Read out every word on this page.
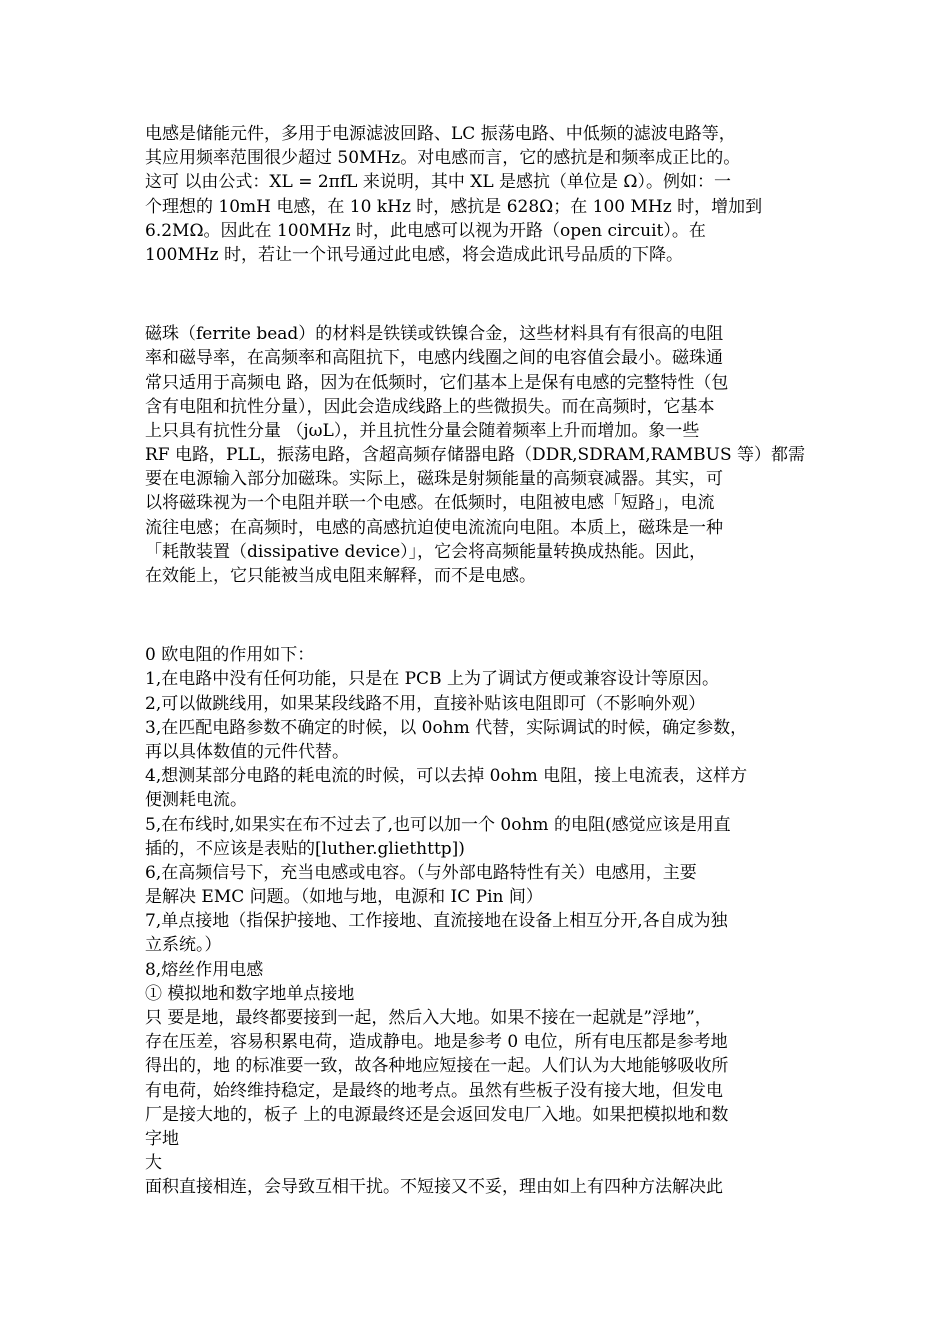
电感是储能元件，多用于电源滤波回路、LC 振荡电路、中低频的滤波电路等，
其应用频率范围很少超过 50MHz。对电感而言，它的感抗是和频率成正比的。
这可 以由公式：XL = 2πfL 来说明，其中 XL 是感抗（单位是 Ω）。例如：一
个理想的 10mH 电感，在 10 kHz 时，感抗是 628Ω；在 100 MHz 时，增加到
6.2MΩ。因此在 100MHz 时，此电感可以视为开路（open circuit）。在
100MHz 时，若让一个讯号通过此电感，将会造成此讯号品质的下降。
磁珠（ferrite bead）的材料是铁镁或铁镍合金，这些材料具有有很高的电阻
率和磁导率，在高频率和高阻抗下，电感内线圈之间的电容值会最小。磁珠通
常只适用于高频电 路，因为在低频时，它们基本上是保有电感的完整特性（包
含有电阻和抗性分量），因此会造成线路上的些微损失。而在高频时，它基本
上只具有抗性分量 （jωL），并且抗性分量会随着频率上升而增加。象一些
RF 电路，PLL，振荡电路，含超高频存储器电路（DDR,SDRAM,RAMBUS 等）都需
要在电源输入部分加磁珠。实际上，磁珠是射频能量的高频衰减器。其实，可
以将磁珠视为一个电阻并联一个电感。在低频时，电阻被电感「短路」，电流
流往电感；在高频时，电感的高感抗迫使电流流向电阻。本质上，磁珠是一种
「耗散装置（dissipative device）」，它会将高频能量转换成热能。因此，
在效能上，它只能被当成电阻来解释，而不是电感。
0 欧电阻的作用如下：
1,在电路中没有任何功能，只是在 PCB 上为了调试方便或兼容设计等原因。
2,可以做跳线用，如果某段线路不用，直接补贴该电阻即可（不影响外观）
3,在匹配电路参数不确定的时候，以 0ohm 代替，实际调试的时候，确定参数，
再以具体数值的元件代替。
4,想测某部分电路的耗电流的时候，可以去掉 0ohm 电阻，接上电流表，这样方
便测耗电流。
5,在布线时,如果实在布不过去了,也可以加一个 0ohm 的电阻(感觉应该是用直
插的，不应该是表贴的[luther.gliethttp])
6,在高频信号下，充当电感或电容。（与外部电路特性有关）电感用，主要
是解决 EMC 问题。（如地与地，电源和 IC Pin 间）
7,单点接地（指保护接地、工作接地、直流接地在设备上相互分开,各自成为独
立系统。）
8,熔丝作用电感
① 模拟地和数字地单点接地
只 要是地，最终都要接到一起，然后入大地。如果不接在一起就是”浮地”，
存在压差，容易积累电荷，造成静电。地是参考 0 电位，所有电压都是参考地
得出的，地 的标准要一致，故各种地应短接在一起。人们认为大地能够吸收所
有电荷，始终维持稳定，是最终的地考点。虽然有些板子没有接大地，但发电
厂是接大地的，板子 上的电源最终还是会返回发电厂入地。如果把模拟地和数
字地
大
面积直接相连，会导致互相干扰。不短接又不妥，理由如上有四种方法解决此
